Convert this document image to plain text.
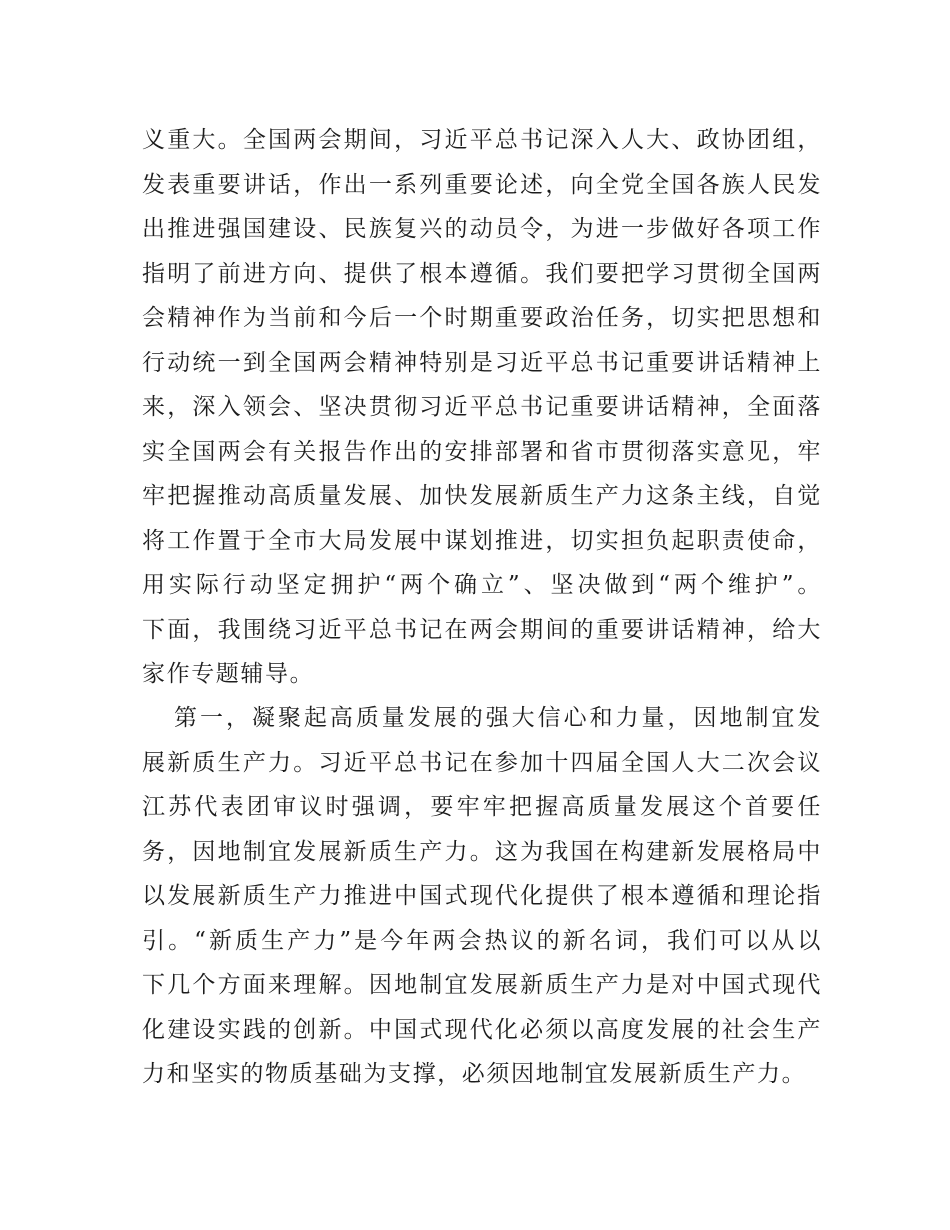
义重大。全国两会期间，习近平总书记深入人大、政协团组，
发表重要讲话，作出一系列重要论述，向全党全国各族人民发
出推进强国建设、民族复兴的动员令，为进一步做好各项工作
指明了前进方向、提供了根本遵循。我们要把学习贯彻全国两
会精神作为当前和今后一个时期重要政治任务，切实把思想和
行动统一到全国两会精神特别是习近平总书记重要讲话精神上
来，深入领会、坚决贯彻习近平总书记重要讲话精神，全面落
实全国两会有关报告作出的安排部署和省市贯彻落实意见，牢
牢把握推动高质量发展、加快发展新质生产力这条主线，自觉
将工作置于全市大局发展中谋划推进，切实担负起职责使命，
用实际行动坚定拥护“两个确立”、坚决做到“两个维护”。
下面，我围绕习近平总书记在两会期间的重要讲话精神，给大
家作专题辅导。
第一，凝聚起高质量发展的强大信心和力量，因地制宜发
展新质生产力。习近平总书记在参加十四届全国人大二次会议
江苏代表团审议时强调，要牢牢把握高质量发展这个首要任
务，因地制宜发展新质生产力。这为我国在构建新发展格局中
以发展新质生产力推进中国式现代化提供了根本遵循和理论指
引。“新质生产力”是今年两会热议的新名词，我们可以从以
下几个方面来理解。因地制宜发展新质生产力是对中国式现代
化建设实践的创新。中国式现代化必须以高度发展的社会生产
力和坚实的物质基础为支撑，必须因地制宜发展新质生产力。
